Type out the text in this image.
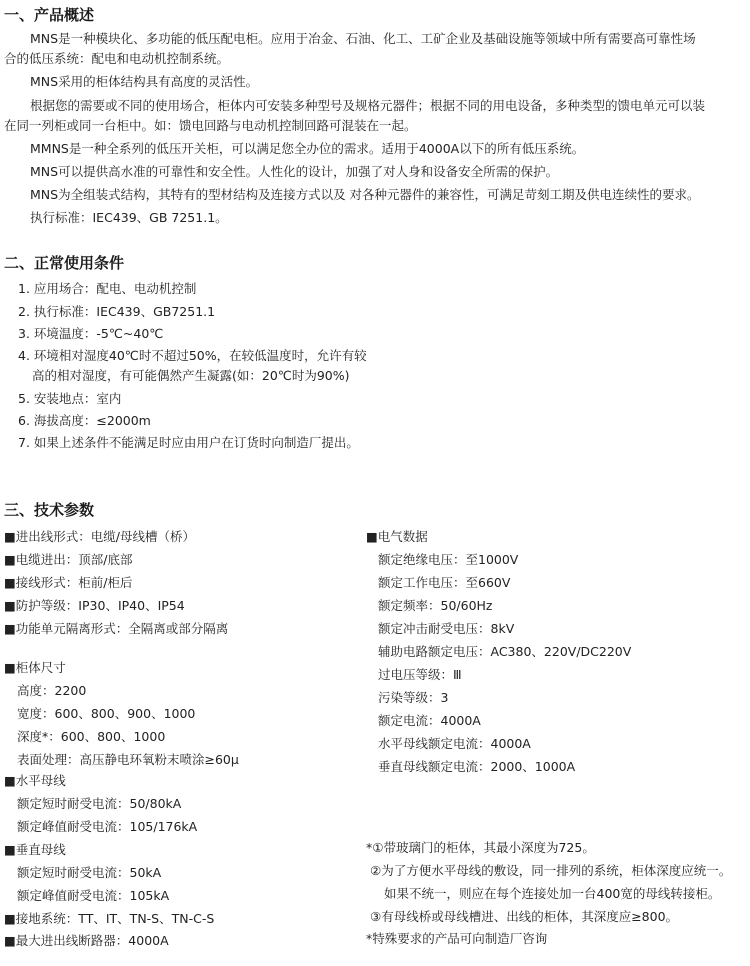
一、产品概述
MNS是一种模块化、多功能的低压配电柜。应用于冶金、石油、化工、工矿企业及基础设施等领域中所有需要高可靠性场
合的低压系统：配电和电动机控制系统。
MNS采用的柜体结构具有高度的灵活性。
根据您的需要或不同的使用场合，柜体内可安装多种型号及规格元器件；根据不同的用电设备，多种类型的馈电单元可以装
在同一列柜或同一台柜中。如：馈电回路与电动机控制回路可混装在一起。
MMNS是一种全系列的低压开关柜，可以满足您全办位的需求。适用于4000A以下的所有低压系统。
MNS可以提供高水准的可靠性和安全性。人性化的设计，加强了对人身和设备安全所需的保护。
MNS为全组装式结构，其特有的型材结构及连接方式以及 对各种元器件的兼容性，可满足苛刻工期及供电连续性的要求。
执行标准：IEC439、GB 7251.1。
二、正常使用条件
1. 应用场合：配电、电动机控制
2. 执行标准：IEC439、GB7251.1
3. 环境温度：-5℃~40℃
4. 环境相对湿度40℃时不超过50%，在较低温度时，允许有较
高的相对湿度，有可能偶然产生凝露(如：20℃时为90%)
5. 安装地点：室内
6. 海拔高度：≤2000m
7. 如果上述条件不能满足时应由用户在订货时向制造厂提出。
三、技术参数
■进出线形式：电缆/母线槽（桥）
■电缆进出：顶部/底部
■接线形式：柜前/柜后
■防护等级：IP30、IP40、IP54
■功能单元隔离形式：全隔离或部分隔离
■柜体尺寸
高度：2200
宽度：600、800、900、1000
深度*：600、800、1000
表面处理：高压静电环氧粉末喷涂≥60μ
■水平母线
额定短时耐受电流：50/80kA
额定峰值耐受电流：105/176kA
■垂直母线
额定短时耐受电流：50kA
额定峰值耐受电流：105kA
■接地系统：TT、IT、TN-S、TN-C-S
■最大进出线断路器：4000A
■电气数据
额定绝缘电压：至1000V
额定工作电压：至660V
额定频率：50/60Hz
额定冲击耐受电压：8kV
辅助电路额定电压：AC380、220V/DC220V
过电压等级：Ⅲ
污染等级：3
额定电流：4000A
水平母线额定电流：4000A
垂直母线额定电流：2000、1000A
*①带玻璃门的柜体，其最小深度为725。
②为了方便水平母线的敷设，同一排列的系统，柜体深度应统一。
如果不统一，则应在每个连接处加一台400宽的母线转接柜。
③有母线桥或母线槽进、出线的柜体，其深度应≥800。
*特殊要求的产品可向制造厂咨询
